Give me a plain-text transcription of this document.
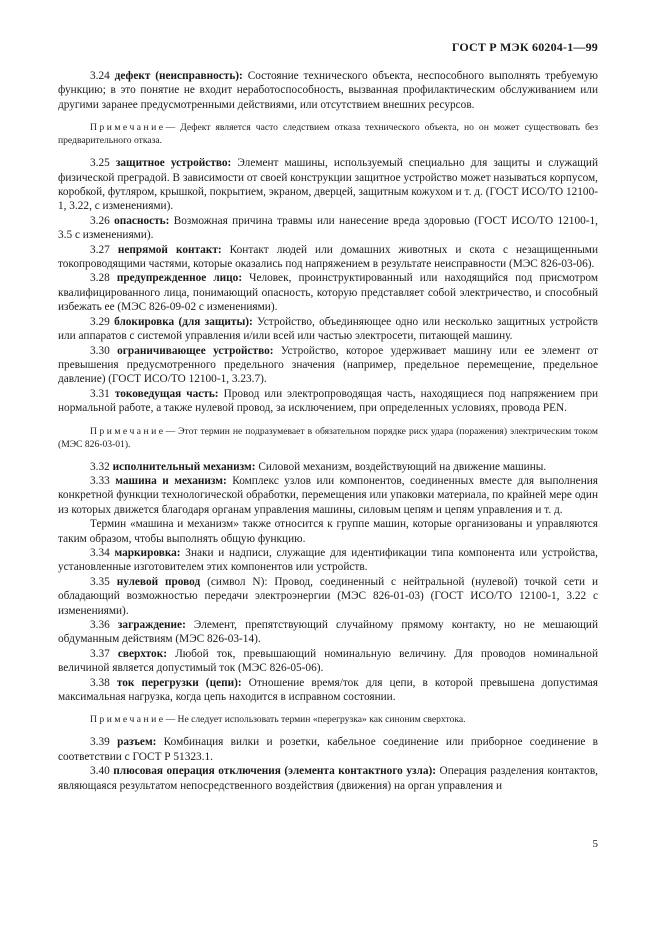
ГОСТ Р МЭК 60204-1—99

3.24 дефект (неисправность): Состояние технического объекта, неспособного выполнять требуемую функцию; в это понятие не входит неработоспособность, вызванная профилактическим обслуживанием или другими заранее предусмотренными действиями, или отсутствием внешних ресурсов.

Примечание— Дефект является часто следствием отказа технического объекта, но он может существовать без предварительного отказа.

3.25 защитное устройство: Элемент машины, используемый специально для защиты и служащий физической преградой. В зависимости от своей конструкции защитное устройство может называться корпусом, коробкой, футляром, крышкой, покрытием, экраном, дверцей, защитным кожухом и т. д. (ГОСТ ИСО/ТО 12100-1, 3.22, с изменениями).

3.26 опасность: Возможная причина травмы или нанесение вреда здоровью (ГОСТ ИСО/ТО 12100-1, 3.5 с изменениями).

3.27 непрямой контакт: Контакт людей или домашних животных и скота с незащищенными токопроводящими частями, которые оказались под напряжением в результате неисправности (МЭС 826-03-06).

3.28 предупрежденное лицо: Человек, проинструктированный или находящийся под присмотром квалифицированного лица, понимающий опасность, которую представляет собой электричество, и способный избежать ее (МЭС 826-09-02 с изменениями).

3.29 блокировка (для защиты): Устройство, объединяющее одно или несколько защитных устройств или аппаратов с системой управления и/или всей или частью электросети, питающей машину.

3.30 ограничивающее устройство: Устройство, которое удерживает машину или ее элемент от превышения предусмотренного предельного значения (например, предельное перемещение, предельное давление) (ГОСТ ИСО/ТО 12100-1, 3.23.7).

3.31 токоведущая часть: Провод или электропроводящая часть, находящиеся под напряжением при нормальной работе, а также нулевой провод, за исключением, при определенных условиях, провода PEN.

Примечание— Этот термин не подразумевает в обязательном порядке риск удара (поражения) электрическим током (МЭС 826-03-01).

3.32 исполнительный механизм: Силовой механизм, воздействующий на движение машины.

3.33 машина и механизм: Комплекс узлов или компонентов, соединенных вместе для выполнения конкретной функции технологической обработки, перемещения или упаковки материала, по крайней мере один из которых движется благодаря органам управления машины, силовым цепям и цепям управления и т. д.

Термин «машина и механизм» также относится к группе машин, которые организованы и управляются таким образом, чтобы выполнять общую функцию.

3.34 маркировка: Знаки и надписи, служащие для идентификации типа компонента или устройства, установленные изготовителем этих компонентов или устройств.

3.35 нулевой провод (символ N): Провод, соединенный с нейтральной (нулевой) точкой сети и обладающий возможностью передачи электроэнергии (МЭС 826-01-03) (ГОСТ ИСО/ТО 12100-1, 3.22 с изменениями).

3.36 заграждение: Элемент, препятствующий случайному прямому контакту, но не мешающий обдуманным действиям (МЭС 826-03-14).

3.37 сверхток: Любой ток, превышающий номинальную величину. Для проводов номинальной величиной является допустимый ток (МЭС 826-05-06).

3.38 ток перегрузки (цепи): Отношение время/ток для цепи, в которой превышена допустимая максимальная нагрузка, когда цепь находится в исправном состоянии.

Примечание— Не следует использовать термин «перегрузка» как синоним сверхтока.

3.39 разъем: Комбинация вилки и розетки, кабельное соединение или приборное соединение в соответствии с ГОСТ Р 51323.1.

3.40 плюсовая операция отключения (элемента контактного узла): Операция разделения контактов, являющаяся результатом непосредственного воздействия (движения) на орган управления и

5
